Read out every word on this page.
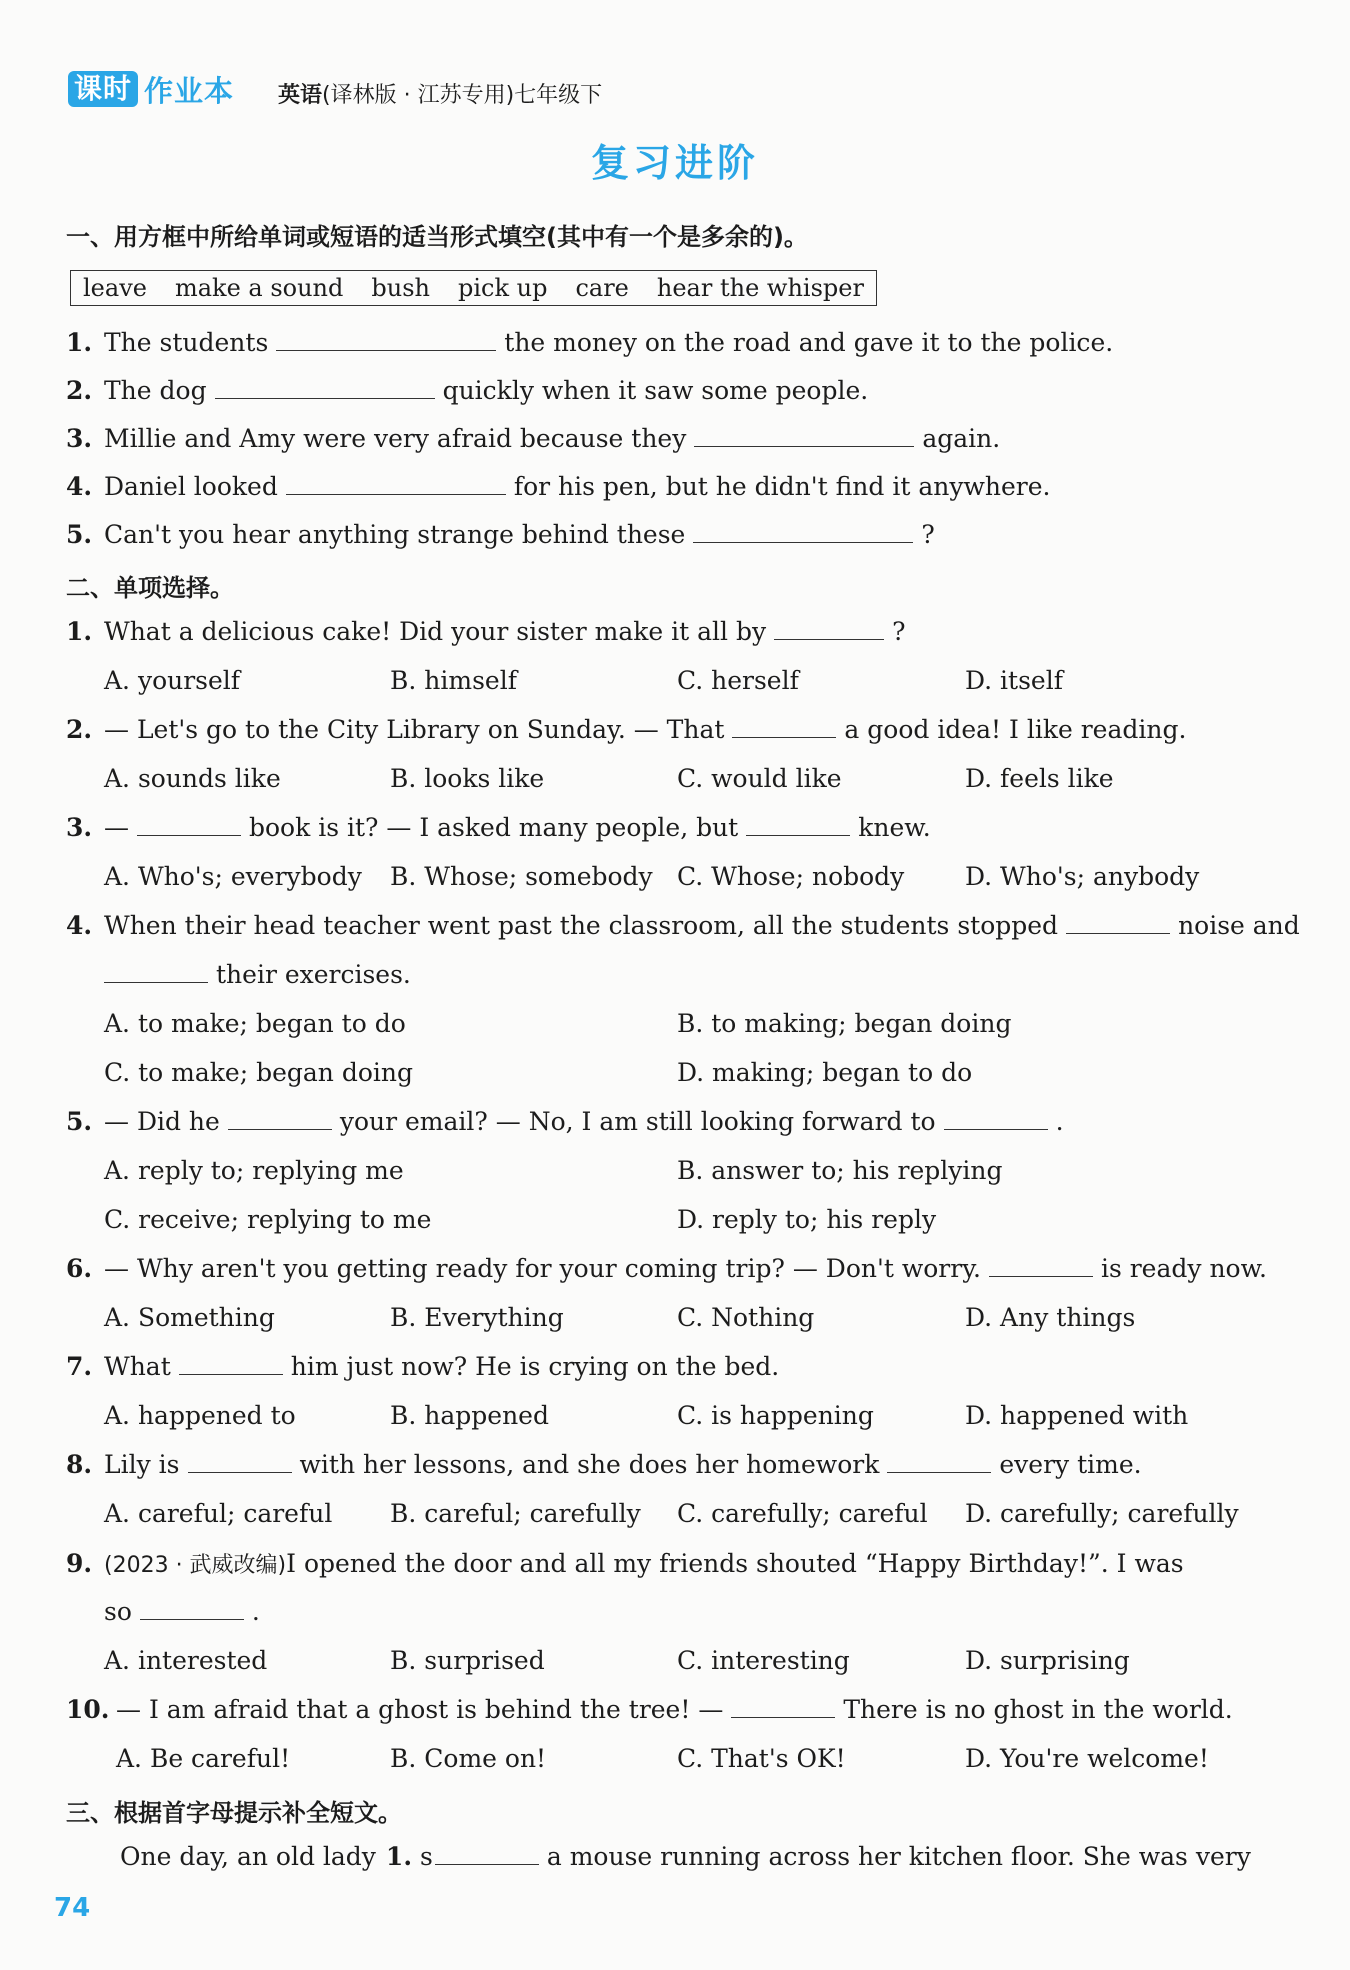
课时 作业本 英语(译林版 · 江苏专用)七年级下
复习进阶
一、用方框中所给单词或短语的适当形式填空(其中有一个是多余的)。
leave make a sound bush pick up care hear the whisper
1. The students	the money on the road and gave it to the police.
2. The dog	quickly when it saw some people.
3. Millie and Amy were very afraid because they	again.
4. Daniel looked	for his pen, but he didn't find it anywhere.
5. Can't you hear anything strange behind these	?
二、单项选择。
1. What a delicious cake! Did your sister make it all by	?
A. yourself	B. himself	C. herself	D. itself
2. — Let's go to the City Library on Sunday. — That	a good idea! I like reading.
A. sounds like	B. looks like	C. would like	D. feels like
3. —	book is it? — I asked many people, but	knew.
A. Who's; everybody B. Whose; somebody C. Whose; nobody D. Who's; anybody
4. When their head teacher went past the classroom, all the students stopped	noise and
their exercises.
A. to make; began to do	B. to making; began doing
C. to make; began doing	D. making; began to do
5. — Did he	your email? — No, I am still looking forward to	.
A. reply to; replying me	B. answer to; his replying
C. receive; replying to me	D. reply to; his reply
6. — Why aren't you getting ready for your coming trip? — Don't worry.	is ready now.
A. Something	B. Everything	C. Nothing	D. Any things
7. What	him just now? He is crying on the bed.
A. happened to	B. happened	C. is happening	D. happened with
8. Lily is	with her lessons, and she does her homework	every time.
A. careful; careful B. careful; carefully C. carefully; careful D. carefully; carefully
9. (2023 · 武威改编) I opened the door and all my friends shouted “Happy Birthday!”. I was
so	.
A. interested	B. surprised	C. interesting	D. surprising
10. — I am afraid that a ghost is behind the tree! —	There is no ghost in the world.
A. Be careful!	B. Come on!	C. That's OK!	D. You're welcome!
三、根据首字母提示补全短文。
One day, an old lady 1. s	a mouse running across her kitchen floor. She was very
74
